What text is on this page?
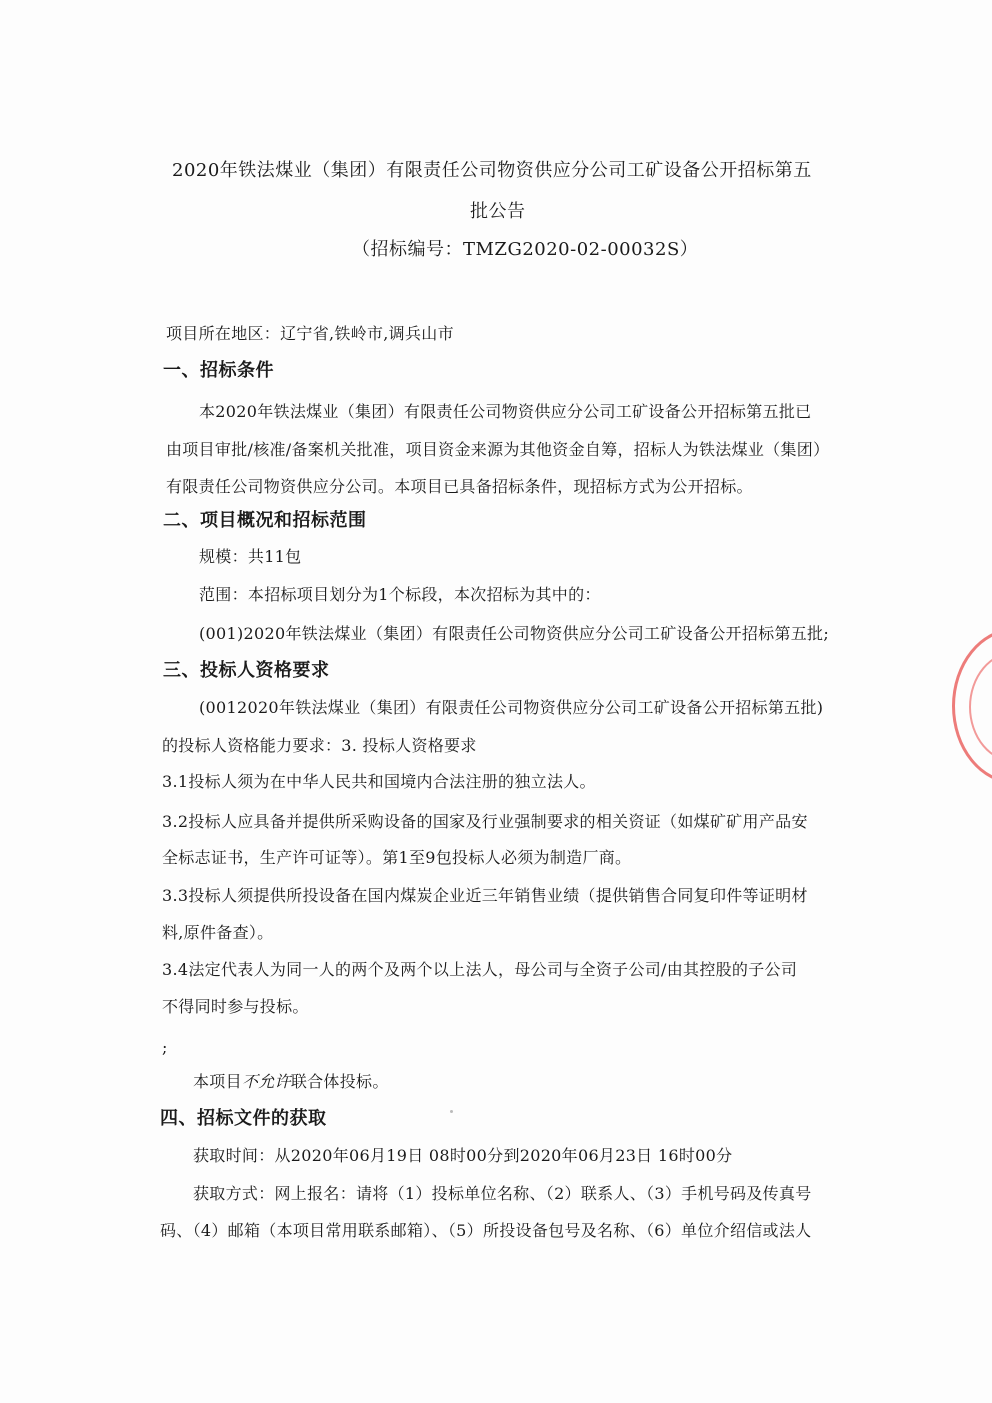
2020年铁法煤业（集团）有限责任公司物资供应分公司工矿设备公开招标第五
批公告
（招标编号：TMZG2020-02-00032S）
项目所在地区：辽宁省,铁岭市,调兵山市
一、招标条件
本2020年铁法煤业（集团）有限责任公司物资供应分公司工矿设备公开招标第五批已
由项目审批/核准/备案机关批准，项目资金来源为其他资金自筹，招标人为铁法煤业（集团）
有限责任公司物资供应分公司。本项目已具备招标条件，现招标方式为公开招标。
二、项目概况和招标范围
规模：共11包
范围：本招标项目划分为1个标段，本次招标为其中的：
(001)2020年铁法煤业（集团）有限责任公司物资供应分公司工矿设备公开招标第五批;
三、投标人资格要求
(0012020年铁法煤业（集团）有限责任公司物资供应分公司工矿设备公开招标第五批)
的投标人资格能力要求：3. 投标人资格要求
3.1投标人须为在中华人民共和国境内合法注册的独立法人。
3.2投标人应具备并提供所采购设备的国家及行业强制要求的相关资证（如煤矿矿用产品安
全标志证书，生产许可证等）。第1至9包投标人必须为制造厂商。
3.3投标人须提供所投设备在国内煤炭企业近三年销售业绩（提供销售合同复印件等证明材
料,原件备查）。
3.4法定代表人为同一人的两个及两个以上法人，母公司与全资子公司/由其控股的子公司
不得同时参与投标。
;
本项目不允许联合体投标。
四、招标文件的获取
获取时间：从2020年06月19日 08时00分到2020年06月23日 16时00分
获取方式：网上报名：请将（1）投标单位名称、（2）联系人、（3）手机号码及传真号
码、（4）邮箱（本项目常用联系邮箱）、（5）所投设备包号及名称、（6）单位介绍信或法人
